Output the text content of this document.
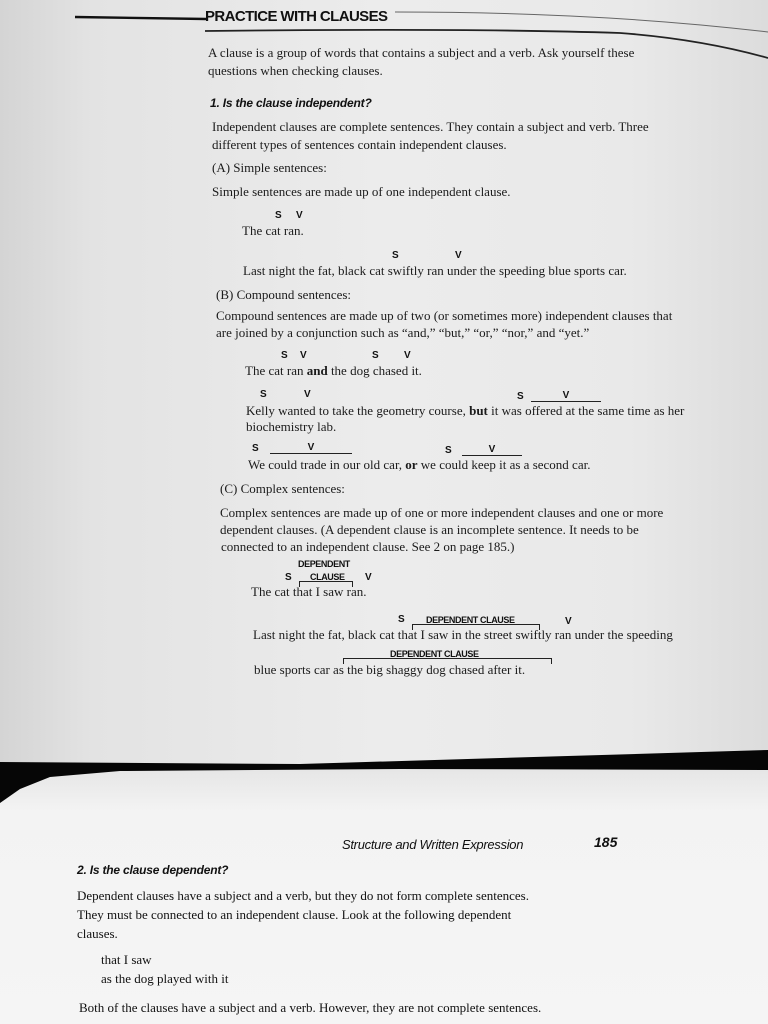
PRACTICE WITH CLAUSES
A clause is a group of words that contains a subject and a verb. Ask yourself these
questions when checking clauses.
1. Is the clause independent?
Independent clauses are complete sentences. They contain a subject and verb. Three
different types of sentences contain independent clauses.
(A) Simple sentences:
Simple sentences are made up of one independent clause.
S V
The cat ran.
S	V
Last night the fat, black cat swiftly ran under the speeding blue sports car.
(B) Compound sentences:
Compound sentences are made up of two (or sometimes more) independent clauses that
are joined by a conjunction such as “and,” “but,” “or,” “nor,” and “yet.”
S V	S	V
The cat ran and the dog chased it.
S	V	S	V
Kelly wanted to take the geometry course, but it was offered at the same time as her
biochemistry lab.
S	V	S	V
We could trade in our old car, or we could keep it as a second car.
(C) Complex sentences:
Complex sentences are made up of one or more independent clauses and one or more
dependent clauses. (A dependent clause is an incomplete sentence. It needs to be
connected to an independent clause. See 2 on page 185.)
DEPENDENT
S CLAUSE V
The cat that I saw ran.
S DEPENDENT CLAUSE	V
Last night the fat, black cat that I saw in the street swiftly ran under the speeding
DEPENDENT CLAUSE
blue sports car as the big shaggy dog chased after it.
Structure and Written Expression	185
2. Is the clause dependent?
Dependent clauses have a subject and a verb, but they do not form complete sentences.
They must be connected to an independent clause. Look at the following dependent
clauses.
that I saw
as the dog played with it
Both of the clauses have a subject and a verb. However, they are not complete sentences.
